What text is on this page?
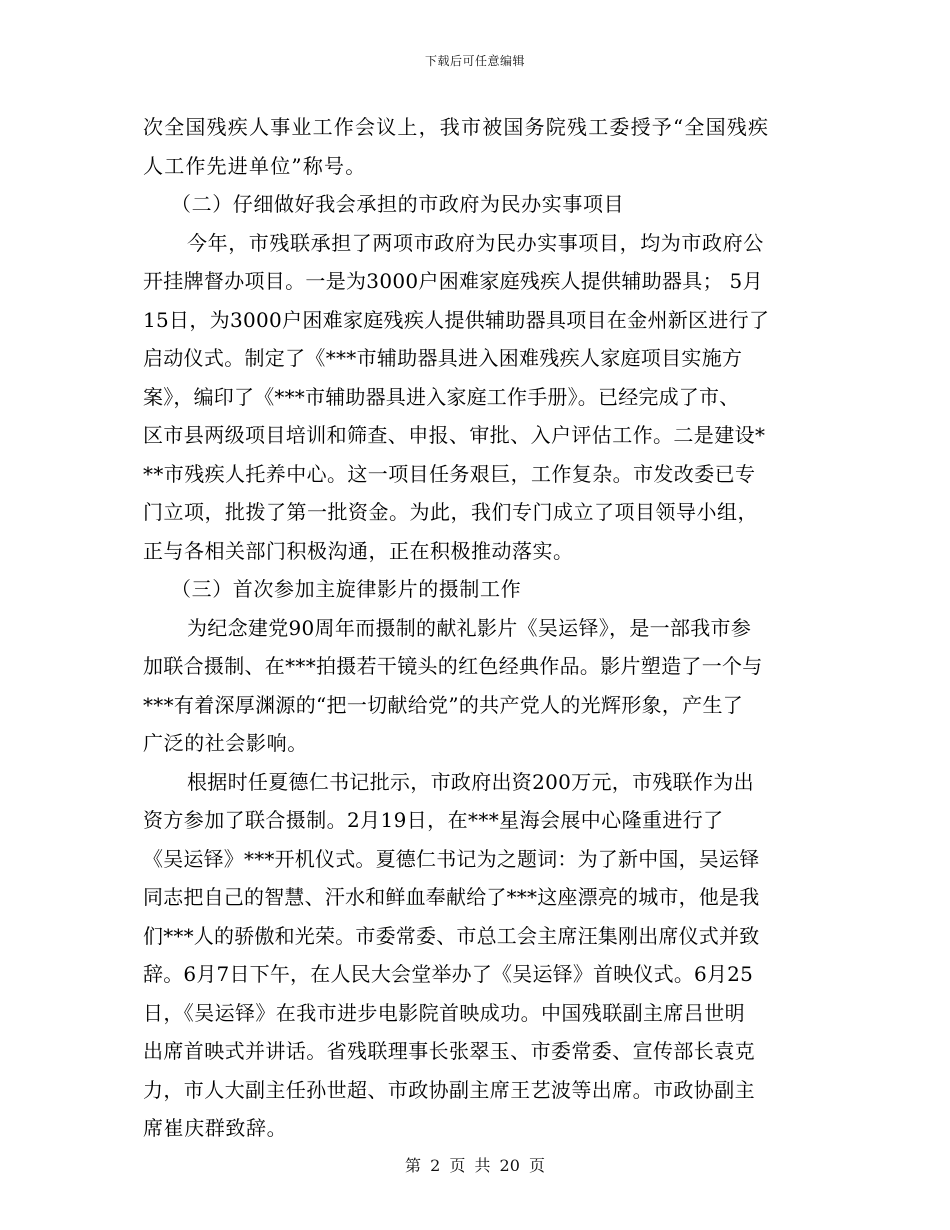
下载后可任意编辑
次全国残疾人事业工作会议上，我市被国务院残工委授予“全国残疾
人工作先进单位”称号。
（二）仔细做好我会承担的市政府为民办实事项目
今年，市残联承担了两项市政府为民办实事项目，均为市政府公
开挂牌督办项目。一是为3000户困难家庭残疾人提供辅助器具； 5月
15日，为3000户困难家庭残疾人提供辅助器具项目在金州新区进行了
启动仪式。制定了《***市辅助器具进入困难残疾人家庭项目实施方
案》，编印了《***市辅助器具进入家庭工作手册》。已经完成了市、
区市县两级项目培训和筛查、申报、审批、入户评估工作。二是建设*
**市残疾人托养中心。这一项目任务艰巨，工作复杂。市发改委已专
门立项，批拨了第一批资金。为此，我们专门成立了项目领导小组，
正与各相关部门积极沟通，正在积极推动落实。
（三）首次参加主旋律影片的摄制工作
为纪念建党90周年而摄制的献礼影片《吴运铎》，是一部我市参
加联合摄制、在***拍摄若干镜头的红色经典作品。影片塑造了一个与
***有着深厚渊源的“把一切献给党”的共产党人的光辉形象，产生了
广泛的社会影响。
根据时任夏德仁书记批示，市政府出资200万元，市残联作为出
资方参加了联合摄制。2月19日，在***星海会展中心隆重进行了
《吴运铎》***开机仪式。夏德仁书记为之题词：为了新中国，吴运铎
同志把自己的智慧、汗水和鲜血奉献给了***这座漂亮的城市，他是我
们***人的骄傲和光荣。市委常委、市总工会主席汪集刚出席仪式并致
辞。6月7日下午，在人民大会堂举办了《吴运铎》首映仪式。6月25
日，《吴运铎》在我市进步电影院首映成功。中国残联副主席吕世明
出席首映式并讲话。省残联理事长张翠玉、市委常委、宣传部长袁克
力，市人大副主任孙世超、市政协副主席王艺波等出席。市政协副主
席崔庆群致辞。
第 2 页 共 20 页
